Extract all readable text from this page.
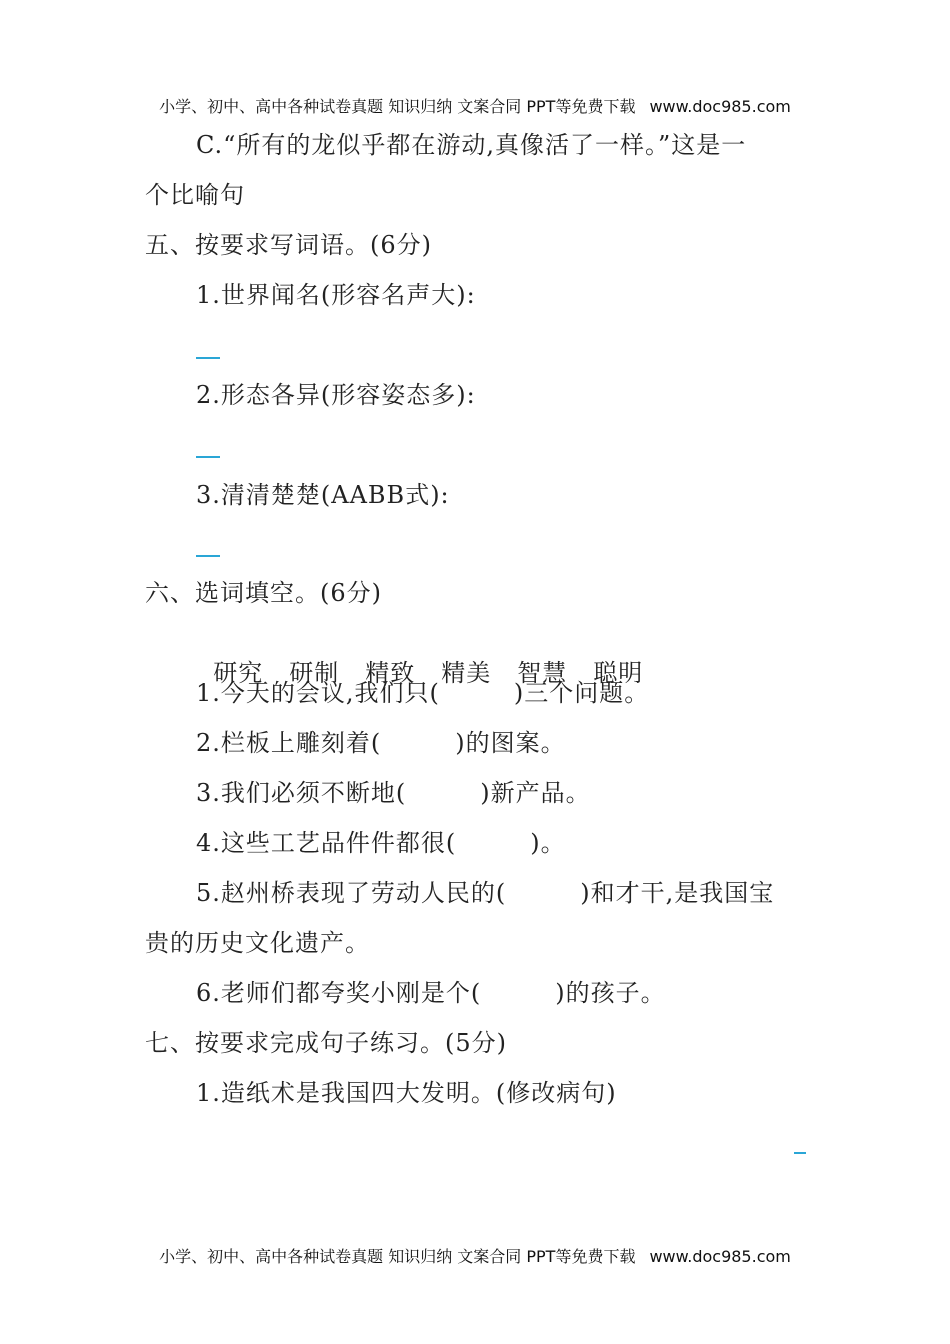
小学、初中、高中各种试卷真题 知识归纳 文案合同 PPT等免费下载 www.doc985.com
C.“所有的龙似乎都在游动,真像活了一样。”这是一
个比喻句
五、按要求写词语。(6分)
1.世界闻名(形容名声大):
2.形态各异(形容姿态多):
3.清清楚楚(AABB式):
六、选词填空。(6分)

研究 研制 精致 精美 智慧 聪明

1.今天的会议,我们只(	)三个问题。
2.栏板上雕刻着(	)的图案。
3.我们必须不断地(	)新产品。
4.这些工艺品件件都很(	)。
5.赵州桥表现了劳动人民的(	)和才干,是我国宝
贵的历史文化遗产。
6.老师们都夸奖小刚是个(	)的孩子。
七、按要求完成句子练习。(5分)
1.造纸术是我国四大发明。(修改病句)
小学、初中、高中各种试卷真题 知识归纳 文案合同 PPT等免费下载 www.doc985.com
